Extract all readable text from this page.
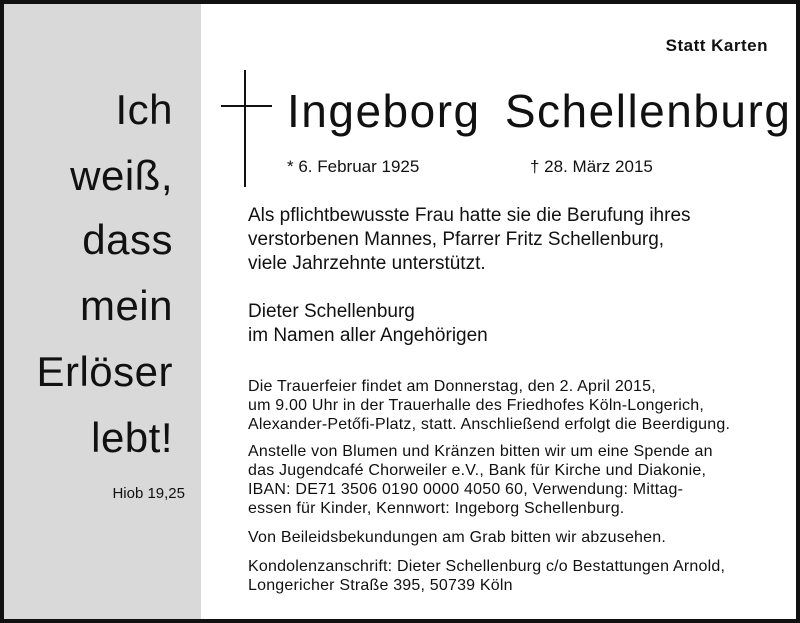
Ich
weiß,
dass
mein
Erlöser
lebt!
Hiob 19,25
Statt Karten
Ingeborg Schellenburg
* 6. Februar 1925	† 28. März 2015
Als pflichtbewusste Frau hatte sie die Berufung ihres
verstorbenen Mannes, Pfarrer Fritz Schellenburg,
viele Jahrzehnte unterstützt.
Dieter Schellenburg
im Namen aller Angehörigen
Die Trauerfeier findet am Donnerstag, den 2. April 2015,
um 9.00 Uhr in der Trauerhalle des Friedhofes Köln-Longerich,
Alexander-Petőfi-Platz, statt. Anschließend erfolgt die Beerdigung.
Anstelle von Blumen und Kränzen bitten wir um eine Spende an
das Jugendcafé Chorweiler e.V., Bank für Kirche und Diakonie,
IBAN: DE71 3506 0190 0000 4050 60, Verwendung: Mittag-
essen für Kinder, Kennwort: Ingeborg Schellenburg.
Von Beileidsbekundungen am Grab bitten wir abzusehen.
Kondolenzanschrift: Dieter Schellenburg c/o Bestattungen Arnold,
Longericher Straße 395, 50739 Köln
